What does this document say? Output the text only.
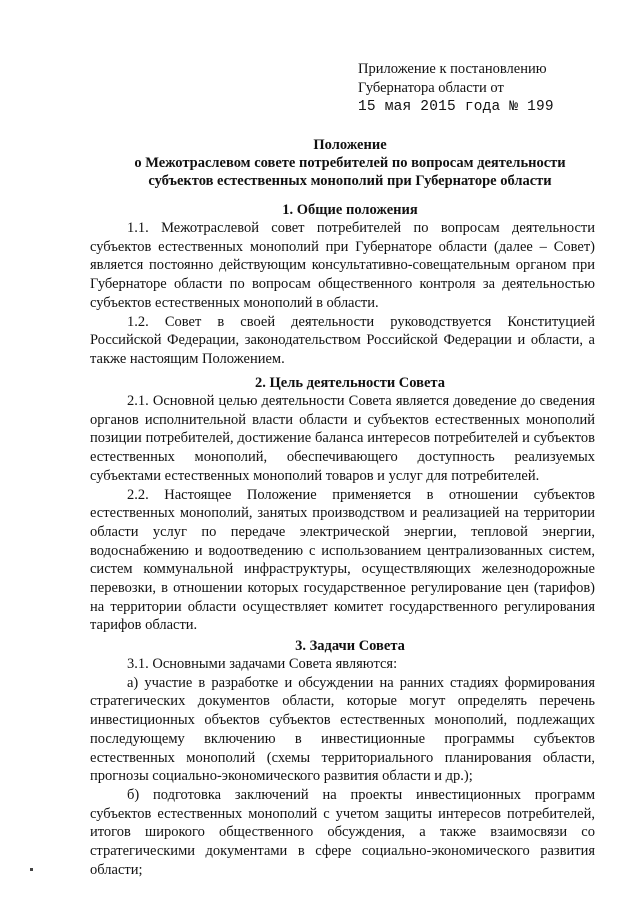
Приложение к постановлению
Губернатора области от
15 мая 2015 года № 199
Положение
о Межотраслевом совете потребителей по вопросам деятельности
субъектов естественных монополий при Губернаторе области
1. Общие положения

1.1. Межотраслевой совет потребителей по вопросам деятельности субъектов естественных монополий при Губернаторе области (далее – Совет) является постоянно действующим консультативно-совещательным органом при Губернаторе области по вопросам общественного контроля за деятельностью субъектов естественных монополий в области.

1.2. Совет в своей деятельности руководствуется Конституцией Российской Федерации, законодательством Российской Федерации и области, а также настоящим Положением.

2. Цель деятельности Совета

2.1. Основной целью деятельности Совета является доведение до сведения органов исполнительной власти области и субъектов естественных монополий позиции потребителей, достижение баланса интересов потребителей и субъектов естественных монополий, обеспечивающего доступность реализуемых субъектами естественных монополий товаров и услуг для потребителей.

2.2. Настоящее Положение применяется в отношении субъектов естественных монополий, занятых производством и реализацией на территории области услуг по передаче электрической энергии, тепловой энергии, водоснабжению и водоотведению с использованием централизованных систем, систем коммунальной инфраструктуры, осуществляющих железнодорожные перевозки, в отношении которых государственное регулирование цен (тарифов) на территории области осуществляет комитет государственного регулирования тарифов области.

3. Задачи Совета

3.1. Основными задачами Совета являются:

а) участие в разработке и обсуждении на ранних стадиях формирования стратегических документов области, которые могут определять перечень инвестиционных объектов субъектов естественных монополий, подлежащих последующему включению в инвестиционные программы субъектов естественных монополий (схемы территориального планирования области, прогнозы социально-экономического развития области и др.);

б) подготовка заключений на проекты инвестиционных программ субъектов естественных монополий с учетом защиты интересов потребителей, итогов широкого общественного обсуждения, а также взаимосвязи со стратегическими документами в сфере социально-экономического развития области;
